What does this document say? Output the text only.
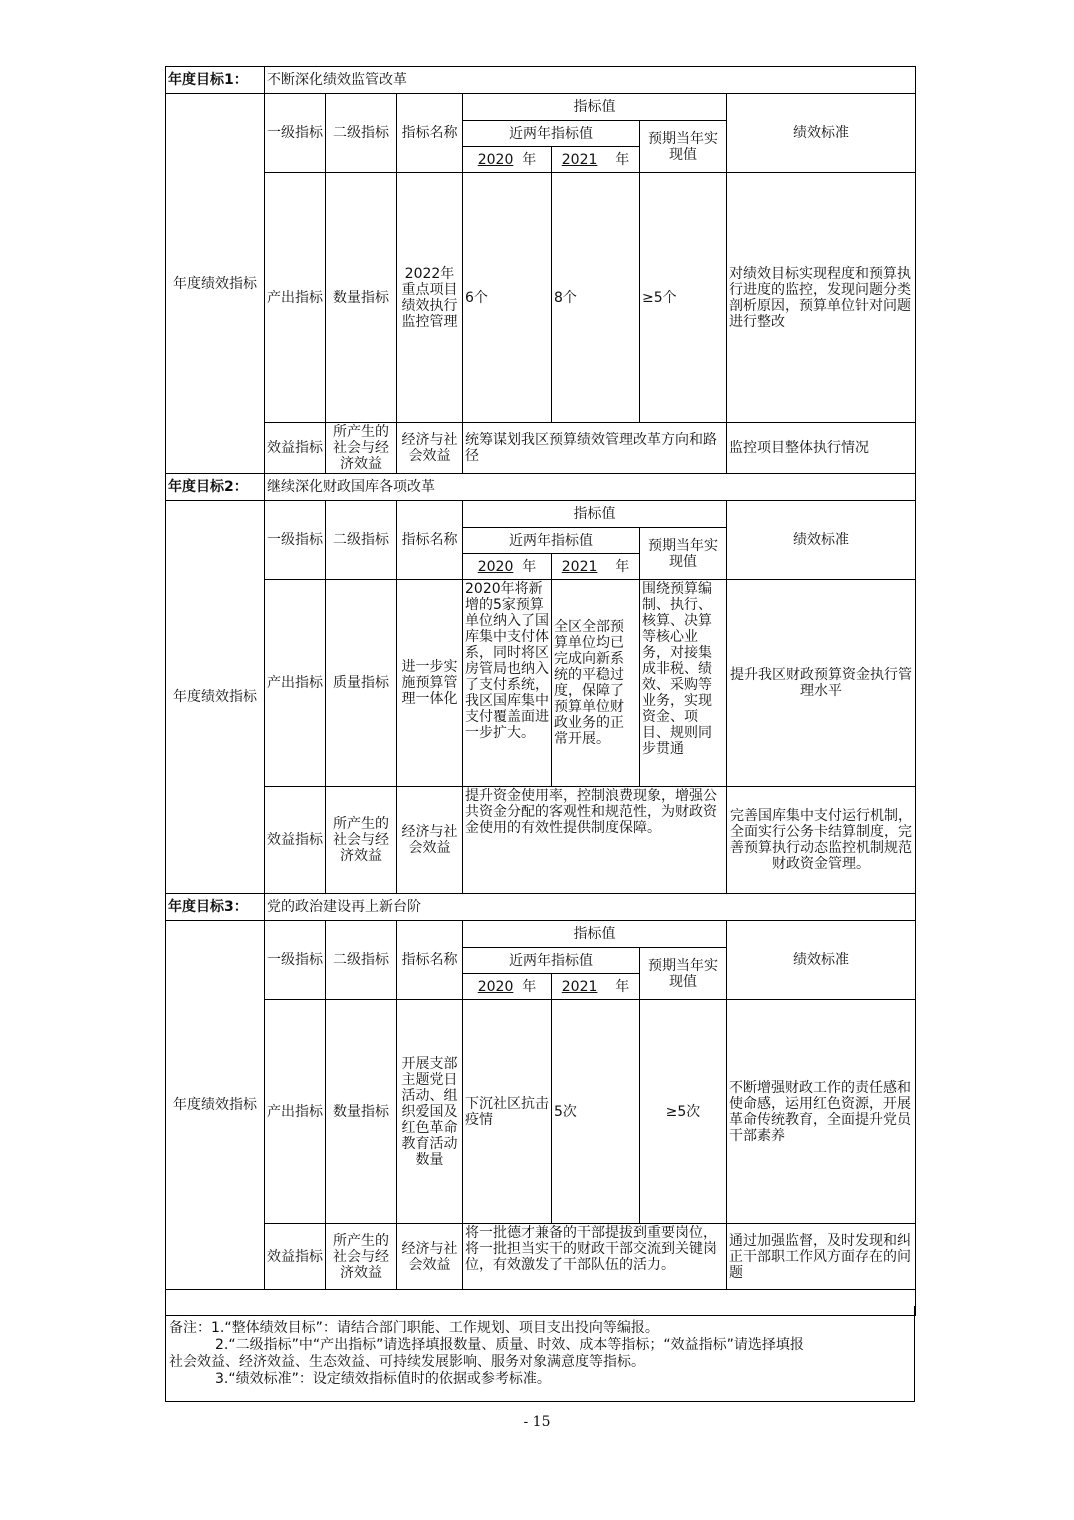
年度目标1：	不断深化绩效监管改革						
年度绩效指标	一级指标	二级指标	指标名称	指标值			绩效标准
				近两年指标值		预期当年实现值	
				2020 年	2021 年		
	产出指标	数量指标	2022年重点项目绩效执行监控管理	6个	8个	≥5个	对绩效目标实现程度和预算执行进度的监控，发现问题分类剖析原因，预算单位针对问题进行整改
	效益指标	所产生的社会与经济效益	经济与社会效益	统筹谋划我区预算绩效管理改革方向和路径			监控项目整体执行情况

年度目标2：	继续深化财政国库各项改革						
年度绩效指标	一级指标	二级指标	指标名称	指标值			绩效标准
				近两年指标值		预期当年实现值	
				2020 年	2021 年		
	产出指标	质量指标	进一步实施预算管理一体化	2020年将新增的5家预算单位纳入了国库集中支付体系，同时将区房管局也纳入了支付系统，我区国库集中支付覆盖面进一步扩大。	全区全部预算单位均已完成向新系统的平稳过度，保障了预算单位财政业务的正常开展。	围绕预算编制、执行、核算、决算等核心业务，对接集成非税、绩效、采购等业务，实现资金、项目、规则同步贯通	提升我区财政预算资金执行管理水平
	效益指标	所产生的社会与经济效益	经济与社会效益	提升资金使用率，控制浪费现象，增强公共资金分配的客观性和规范性，为财政资金使用的有效性提供制度保障。			完善国库集中支付运行机制，全面实行公务卡结算制度，完善预算执行动态监控机制规范财政资金管理。
年度目标3：	党的政治建设再上新台阶						
年度绩效指标	一级指标	二级指标	指标名称	指标值			绩效标准
				近两年指标值		预期当年实现值	
				2020 年	2021 年		
	产出指标	数量指标	开展支部主题党日活动、组织爱国及红色革命教育活动数量	下沉社区抗击疫情	5次	≥5次	不断增强财政工作的责任感和使命感，运用红色资源，开展革命传统教育，全面提升党员干部素养
	效益指标	所产生的社会与经济效益	经济与社会效益	将一批德才兼备的干部提拔到重要岗位，将一批担当实干的财政干部交流到关键岗位，有效激发了干部队伍的活力。			通过加强监督，及时发现和纠正干部职工作风方面存在的问题

备注：1.“整体绩效目标”：请结合部门职能、工作规划、项目支出投向等编报。
2.“二级指标”中“产出指标”请选择填报数量、质量、时效、成本等指标；“效益指标”请选择填报
社会效益、经济效益、生态效益、可持续发展影响、服务对象满意度等指标。
3.“绩效标准”：设定绩效指标值时的依据或参考标准。
- 15
